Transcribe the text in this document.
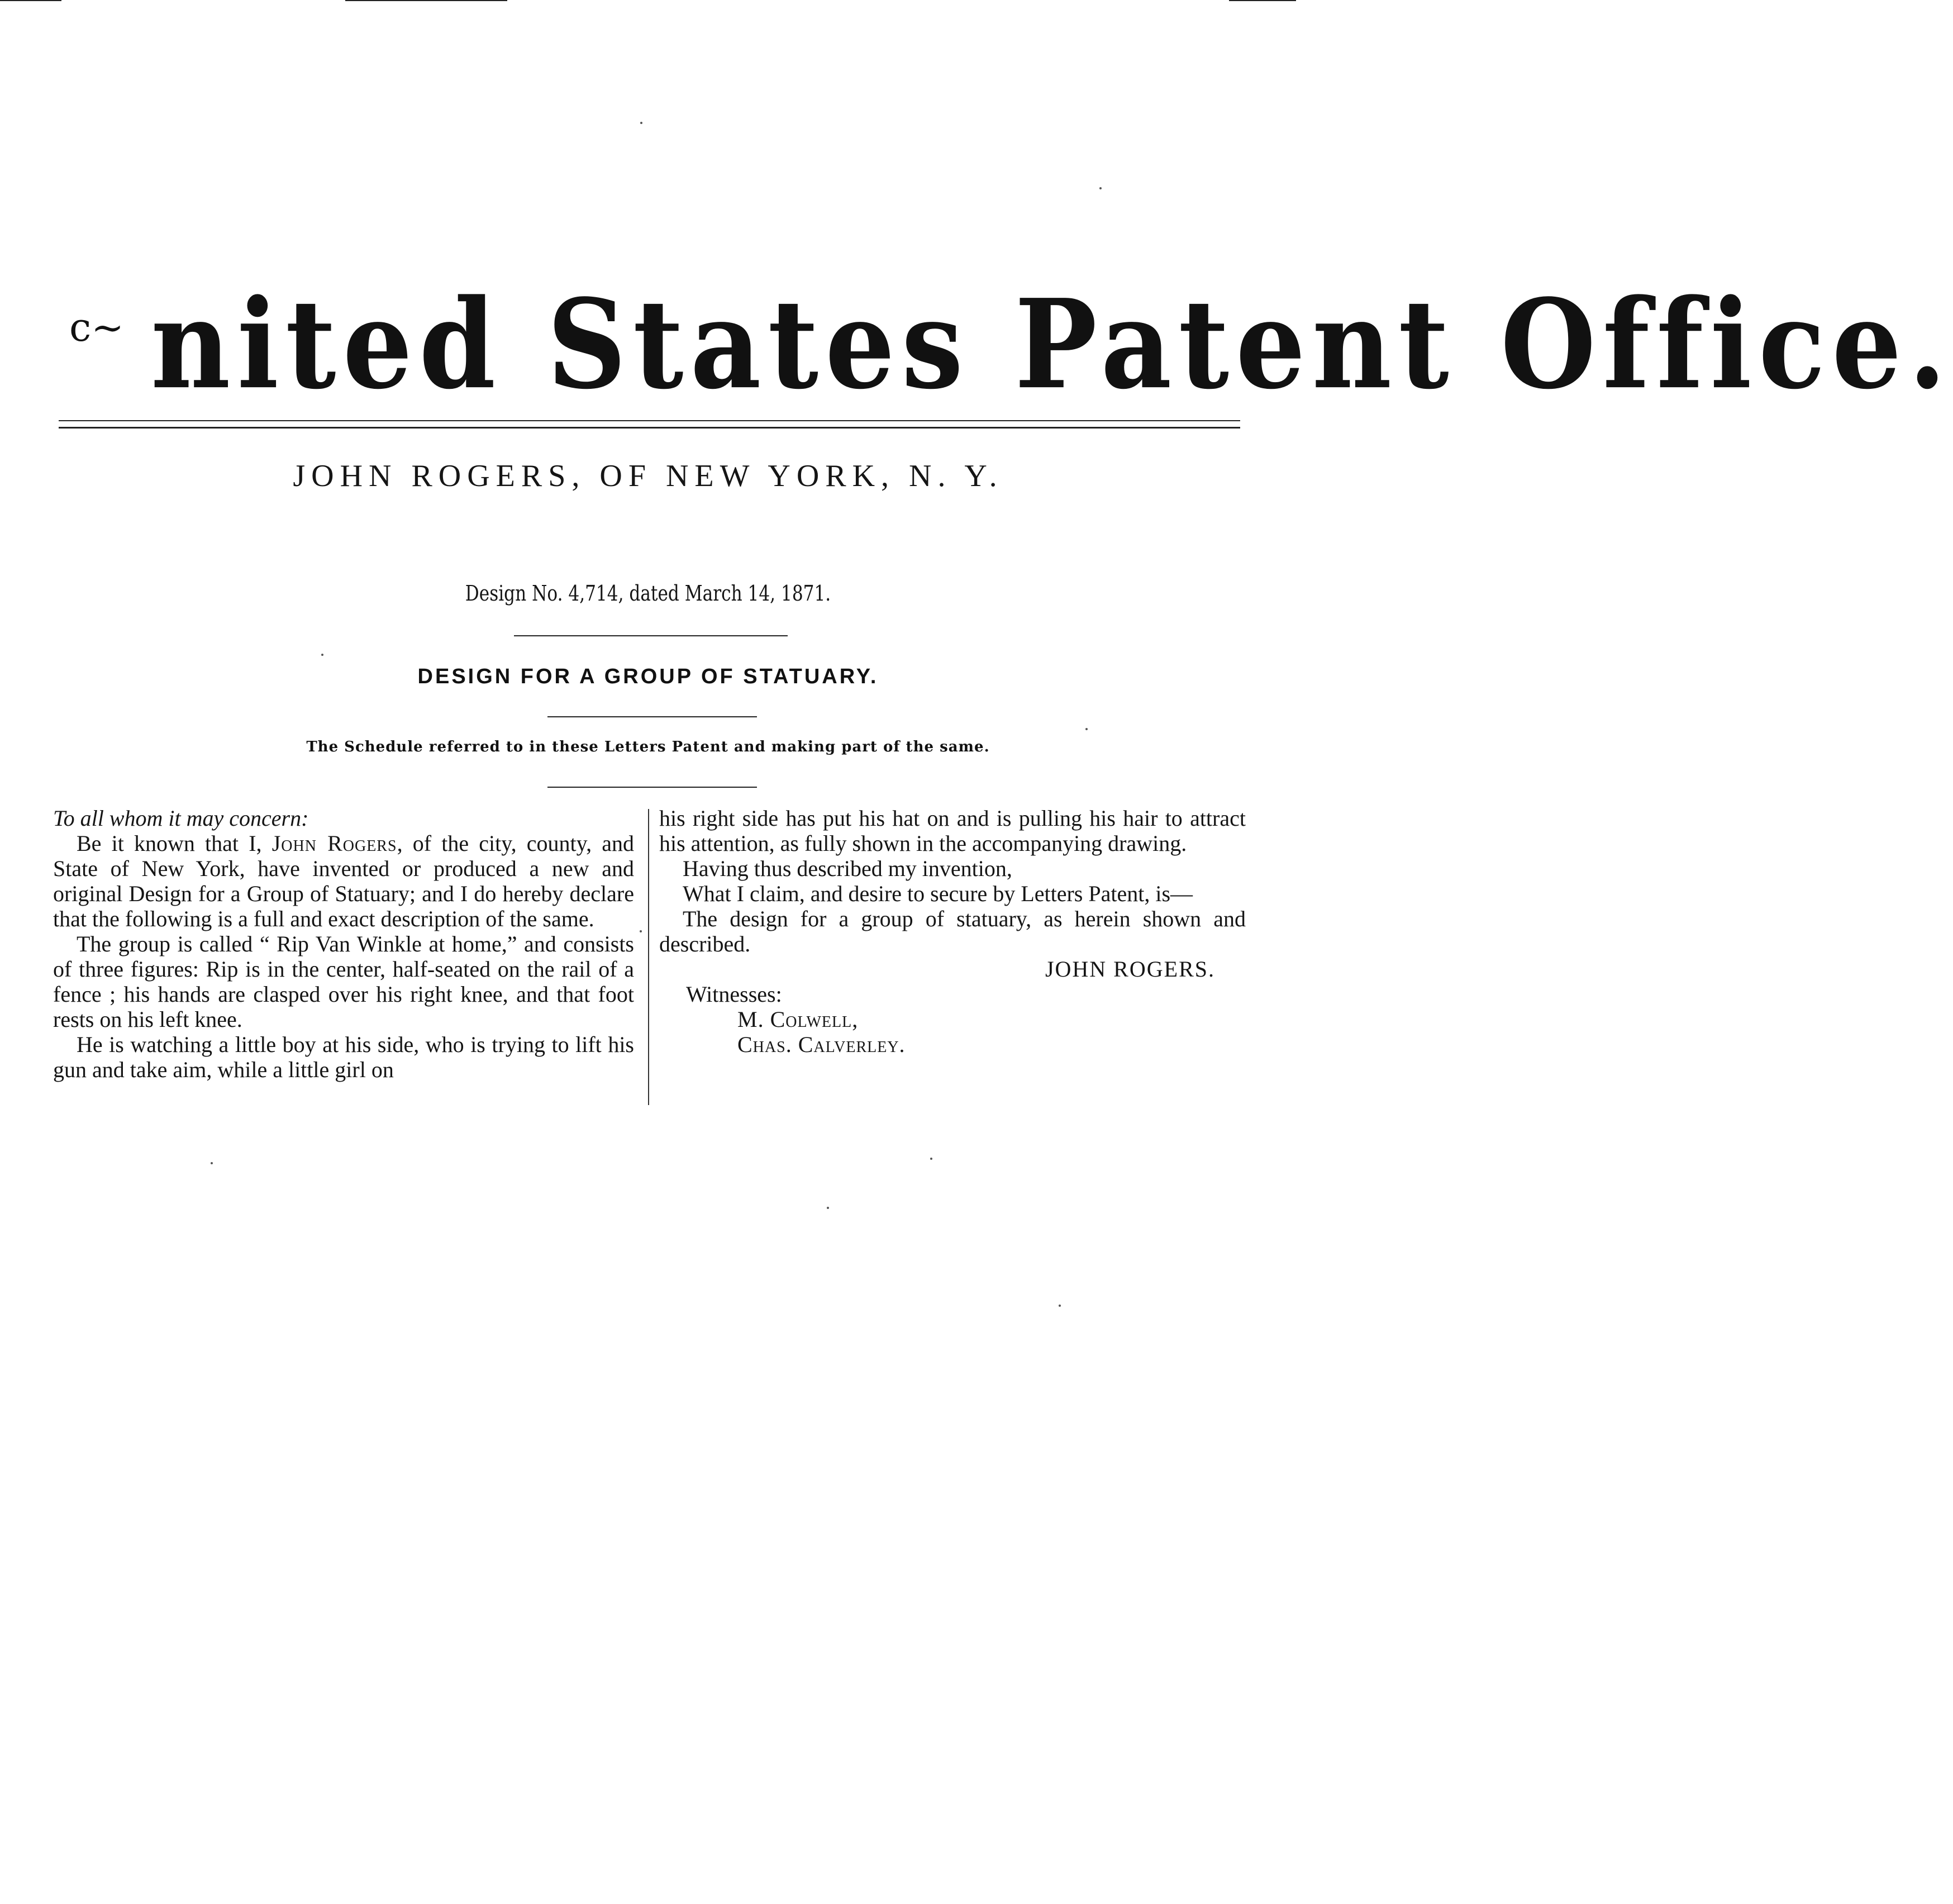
c~ nited States Patent Office.
JOHN ROGERS, OF NEW YORK, N. Y.
Design No. 4,714, dated March 14, 1871.
DESIGN FOR A GROUP OF STATUARY.
The Schedule referred to in these Letters Patent and making part of the same.

To all whom it may concern:

Be it known that I, John Rogers, of the city, county, and State of New York, have invented or produced a new and original Design for a Group of Statuary; and I do hereby declare that the following is a full and exact description of the same.

The group is called “ Rip Van Winkle at home,” and consists of three figures: Rip is in the center, half-seated on the rail of a fence ; his hands are clasped over his right knee, and that foot rests on his left knee.

He is watching a little boy at his side, who is trying to lift his gun and take aim, while a little girl on

his right side has put his hat on and is pulling his hair to attract his attention, as fully shown in the accompanying drawing.

Having thus described my invention,

What I claim, and desire to secure by Letters Patent, is—

The design for a group of statuary, as herein shown and described.

JOHN ROGERS.

Witnesses:

M. Colwell,

Chas. Calverley.
